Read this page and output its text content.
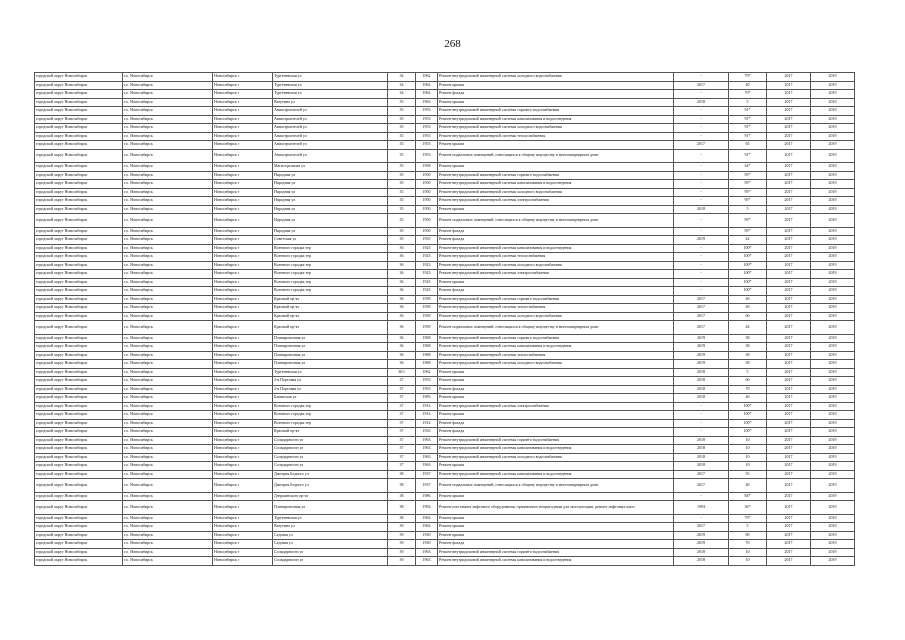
268
городской округ Новосибирск	г.о. Новосибирск	Новосибирск г	Тургеневская ул	34	1962	Ремонт внутридомовой инженерной системы холодного водоснабжения	-	79*	2017	2019
городской округ Новосибирск	г.о. Новосибирск	Новосибирск г	Тургеневская ул	34	1962	Ремонт крыши	2017	40	2017	2019
городской округ Новосибирск	г.о. Новосибирск	Новосибирск г	Тургеневская ул	34	1962	Ремонт фасада	-	79*	2017	2019
городской округ Новосибирск	г.о. Новосибирск	Новосибирск г	Ватутина ул	35	1963	Ремонт крыши	2018	5	2017	2019
городской округ Новосибирск	г.о. Новосибирск	Новосибирск г	Авиастроителей ул	35	1953	Ремонт внутридомовой инженерной системы горячего водоснабжения	-	91*	2017	2019
городской округ Новосибирск	г.о. Новосибирск	Новосибирск г	Авиастроителей ул	35	1953	Ремонт внутридомовой инженерной системы канализования и водоотведения	-	91*	2017	2019
городской округ Новосибирск	г.о. Новосибирск	Новосибирск г	Авиастроителей ул	35	1953	Ремонт внутридомовой инженерной системы холодного водоснабжения	-	91*	2017	2019
городской округ Новосибирск	г.о. Новосибирск	Новосибирск г	Авиастроителей ул	35	1953	Ремонт внутридомовой инженерной системы теплоснабжения	-	91*	2017	2019
городской округ Новосибирск	г.о. Новосибирск	Новосибирск г	Авиастроителей ул	35	1953	Ремонт крыши	2017	65	2017	2019
городской округ Новосибирск	г.о. Новосибирск	Новосибирск г	Авиастроителей ул	35	1953	Ремонт подвальных помещений, относящихся к общему имуществу в многоквартирном доме	-	91*	2017	2019
городской округ Новосибирск	г.о. Новосибирск	Новосибирск г	Магистральная ул	35	1958	Ремонт крыши	-	44*	2017	2019
городской округ Новосибирск	г.о. Новосибирск	Новосибирск г	Народная ул	35	1950	Ремонт внутридомовой инженерной системы горячего водоснабжения	-	95*	2017	2019
городской округ Новосибирск	г.о. Новосибирск	Новосибирск г	Народная ул	35	1950	Ремонт внутридомовой инженерной системы канализования и водоотведения	-	95*	2017	2019
городской округ Новосибирск	г.о. Новосибирск	Новосибирск г	Народная ул	35	1950	Ремонт внутридомовой инженерной системы холодного водоснабжения	-	95*	2017	2019
городской округ Новосибирск	г.о. Новосибирск	Новосибирск г	Народная ул	35	1950	Ремонт внутридомовой инженерной системы электроснабжения	-	95*	2017	2019
городской округ Новосибирск	г.о. Новосибирск	Новосибирск г	Народная ул	35	1950	Ремонт крыши	2018	5	2017	2019
городской округ Новосибирск	г.о. Новосибирск	Новосибирск г	Народная ул	35	1950	Ремонт подвальных помещений, относящихся к общему имуществу в многоквартирном доме	-	95*	2017	2019
городской округ Новосибирск	г.о. Новосибирск	Новосибирск г	Народная ул	35	1950	Ремонт фасада	-	95*	2017	2019
городской округ Новосибирск	г.о. Новосибирск	Новосибирск г	Советская ул	35	1935	Ремонт фасада	2019	42	2017	2019
городской округ Новосибирск	г.о. Новосибирск	Новосибирск г	Военного городка тер	36	1923	Ремонт внутридомовой инженерной системы канализования и водоотведения	-	100*	2017	2019
городской округ Новосибирск	г.о. Новосибирск	Новосибирск г	Военного городка тер	36	1923	Ремонт внутридомовой инженерной системы теплоснабжения	-	100*	2017	2019
городской округ Новосибирск	г.о. Новосибирск	Новосибирск г	Военного городка тер	36	1923	Ремонт внутридомовой инженерной системы холодного водоснабжения	-	100*	2017	2019
городской округ Новосибирск	г.о. Новосибирск	Новосибирск г	Военного городка тер	36	1923	Ремонт внутридомовой инженерной системы электроснабжения	-	100*	2017	2019
городской округ Новосибирск	г.о. Новосибирск	Новосибирск г	Военного городка тер	36	1923	Ремонт крыши	-	100*	2017	2019
городской округ Новосибирск	г.о. Новосибирск	Новосибирск г	Военного городка тер	36	1923	Ремонт фасада	-	100*	2017	2019
городской округ Новосибирск	г.о. Новосибирск	Новосибирск г	Красный пр-кт	36	1939	Ремонт внутридомовой инженерной системы горячего водоснабжения	2017	46	2017	2019
городской округ Новосибирск	г.о. Новосибирск	Новосибирск г	Красный пр-кт	36	1939	Ремонт внутридомовой инженерной системы теплоснабжения	2017	30	2017	2019
городской округ Новосибирск	г.о. Новосибирск	Новосибирск г	Красный пр-кт	36	1939	Ремонт внутридомовой инженерной системы холодного водоснабжения	2017	60	2017	2019
городской округ Новосибирск	г.о. Новосибирск	Новосибирск г	Красный пр-кт	36	1939	Ремонт подвальных помещений, относящихся к общему имуществу в многоквартирном доме	2017	44	2017	2019
городской округ Новосибирск	г.о. Новосибирск	Новосибирск г	Планировочная ул	36	1968	Ремонт внутридомовой инженерной системы горячего водоснабжения	2019	38	2017	2019
городской округ Новосибирск	г.о. Новосибирск	Новосибирск г	Планировочная ул	36	1968	Ремонт внутридомовой инженерной системы канализования и водоотведения	2019	38	2017	2019
городской округ Новосибирск	г.о. Новосибирск	Новосибирск г	Планировочная ул	36	1968	Ремонт внутридомовой инженерной системы теплоснабжения	2019	38	2017	2019
городской округ Новосибирск	г.о. Новосибирск	Новосибирск г	Планировочная ул	36	1968	Ремонт внутридомовой инженерной системы холодного водоснабжения	2019	38	2017	2019
городской округ Новосибирск	г.о. Новосибирск	Новосибирск г	Тургеневская ул	36/1	1962	Ремонт крыши	2018	5	2017	2019
городской округ Новосибирск	г.о. Новосибирск	Новосибирск г	2-я Портовая ул	37	1953	Ремонт крыши	2018	60	2017	2019
городской округ Новосибирск	г.о. Новосибирск	Новосибирск г	2-я Портовая ул	37	1953	Ремонт фасада	2018	70	2017	2019
городской округ Новосибирск	г.о. Новосибирск	Новосибирск г	Бакинская ул	37	1983	Ремонт крыши	2018	46	2017	2019
городской округ Новосибирск	г.о. Новосибирск	Новосибирск г	Военного городка тер	37	1914	Ремонт внутридомовой инженерной системы электроснабжения	-	100*	2017	2019
городской округ Новосибирск	г.о. Новосибирск	Новосибирск г	Военного городка тер	37	1914	Ремонт крыши	-	100*	2017	2019
городской округ Новосибирск	г.о. Новосибирск	Новосибирск г	Военного городка тер	37	1914	Ремонт фасада	-	100*	2017	2019
городской округ Новосибирск	г.о. Новосибирск	Новосибирск г	Красный пр-кт	37	1933	Ремонт фасада	-	100*	2017	2019
городской округ Новосибирск	г.о. Новосибирск	Новосибирск г	Солидарности ул	37	1963	Ремонт внутридомовой инженерной системы горячего водоснабжения	2018	10	2017	2019
городской округ Новосибирск	г.о. Новосибирск	Новосибирск г	Солидарности ул	37	1963	Ремонт внутридомовой инженерной системы канализования и водоотведения	2018	10	2017	2019
городской округ Новосибирск	г.о. Новосибирск	Новосибирск г	Солидарности ул	37	1963	Ремонт внутридомовой инженерной системы холодного водоснабжения	2018	10	2017	2019
городской округ Новосибирск	г.о. Новосибирск	Новосибирск г	Солидарности ул	37	1963	Ремонт крыши	2018	10	2017	2019
городской округ Новосибирск	г.о. Новосибирск	Новосибирск г	Дмитрия Бедного ул	38	1937	Ремонт внутридомовой инженерной системы канализования и водоотведения	2017	55	2017	2019
городской округ Новосибирск	г.о. Новосибирск	Новосибирск г	Дмитрия Бедного ул	38	1937	Ремонт подвальных помещений, относящихся к общему имуществу в многоквартирном доме	2017	46	2017	2019
городской округ Новосибирск	г.о. Новосибирск	Новосибирск г	Дзержинского пр-кт	38	1986	Ремонт крыши	-	84*	2017	2019
городской округ Новосибирск	г.о. Новосибирск	Новосибирск г	Планировочная ул	38	1992	Ремонт или замена лифтового оборудования, признанного непригодным для эксплуатации, ремонт лифтовых шахт	1994	36*	2017	2019
городской округ Новосибирск	г.о. Новосибирск	Новосибирск г	Тургеневская ул	38	1962	Ремонт крыши	-	79*	2017	2019
городской округ Новосибирск	г.о. Новосибирск	Новосибирск г	Ватутина ул	39	1962	Ремонт крыши	2017	5	2017	2019
городской округ Новосибирск	г.о. Новосибирск	Новосибирск г	Садовая ул	39	1930	Ремонт крыши	2019	80	2017	2019
городской округ Новосибирск	г.о. Новосибирск	Новосибирск г	Садовая ул	39	1930	Ремонт фасада	2019	70	2017	2019
городской округ Новосибирск	г.о. Новосибирск	Новосибирск г	Солидарности ул	39	1963	Ремонт внутридомовой инженерной системы горячего водоснабжения	2018	10	2017	2019
городской округ Новосибирск	г.о. Новосибирск	Новосибирск г	Солидарности ул	39	1963	Ремонт внутридомовой инженерной системы канализования и водоотведения	2018	10	2017	2019
